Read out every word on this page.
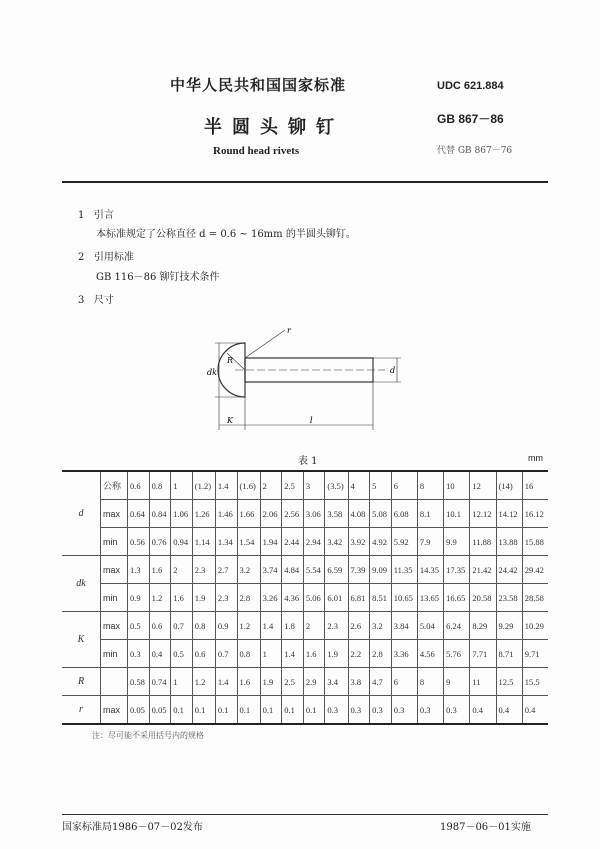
中华人民共和国国家标准
半圆头铆钉
Round head rivets
UDC 621.884
GB 867－86
代替 GB 867－76
1 引言
本标准规定了公称直径 d = 0.6 ~ 16mm 的半圆头铆钉。
2 引用标准
GB 116－86 铆钉技术条件
3 尺寸
r
R
dk	d
K	l
表 1	mm
d	公称	0.6	0.8	1	(1.2)	1.4	(1.6)	2	2.5	3	(3.5)	4	5	6	8	10	12	(14)	16
	max	0.64	0.84	1.06	1.26	1.46	1.66	2.06	2.56	3.06	3.58	4.08	5.08	6.08	8.1	10.1	12.12	14.12	16.12
	min	0.56	0.76	0.94	1.14	1.34	1.54	1.94	2.44	2.94	3.42	3.92	4.92	5.92	7.9	9.9	11.88	13.88	15.88
dk	max	1.3	1.6	2	2.3	2.7	3.2	3.74	4.84	5.54	6.59	7.39	9.09	11.35	14.35	17.35	21.42	24.42	29.42
	min	0.9	1.2	1.6	1.9	2.3	2.8	3.26	4.36	5.06	6.01	6.81	8.51	10.65	13.65	16.65	20.58	23.58	28.58
K	max	0.5	0.6	0.7	0.8	0.9	1.2	1.4	1.8	2	2.3	2.6	3.2	3.84	5.04	6.24	8.29	9.29	10.29
	min	0.3	0.4	0.5	0.6	0.7	0.8	1	1.4	1.6	1.9	2.2	2.8	3.36	4.56	5.76	7.71	8.71	9.71
R		0.58	0.74	1	1.2	1.4	1.6	1.9	2.5	2.9	3.4	3.8	4.7	6	8	9	11	12.5	15.5
r	max	0.05	0.05	0.1	0.1	0.1	0.1	0.1	0.1	0.1	0.3	0.3	0.3	0.3	0.3	0.3	0.4	0.4	0.4
注：尽可能不采用括号内的规格
国家标准局1986－07－02发布	1987－06－01实施
